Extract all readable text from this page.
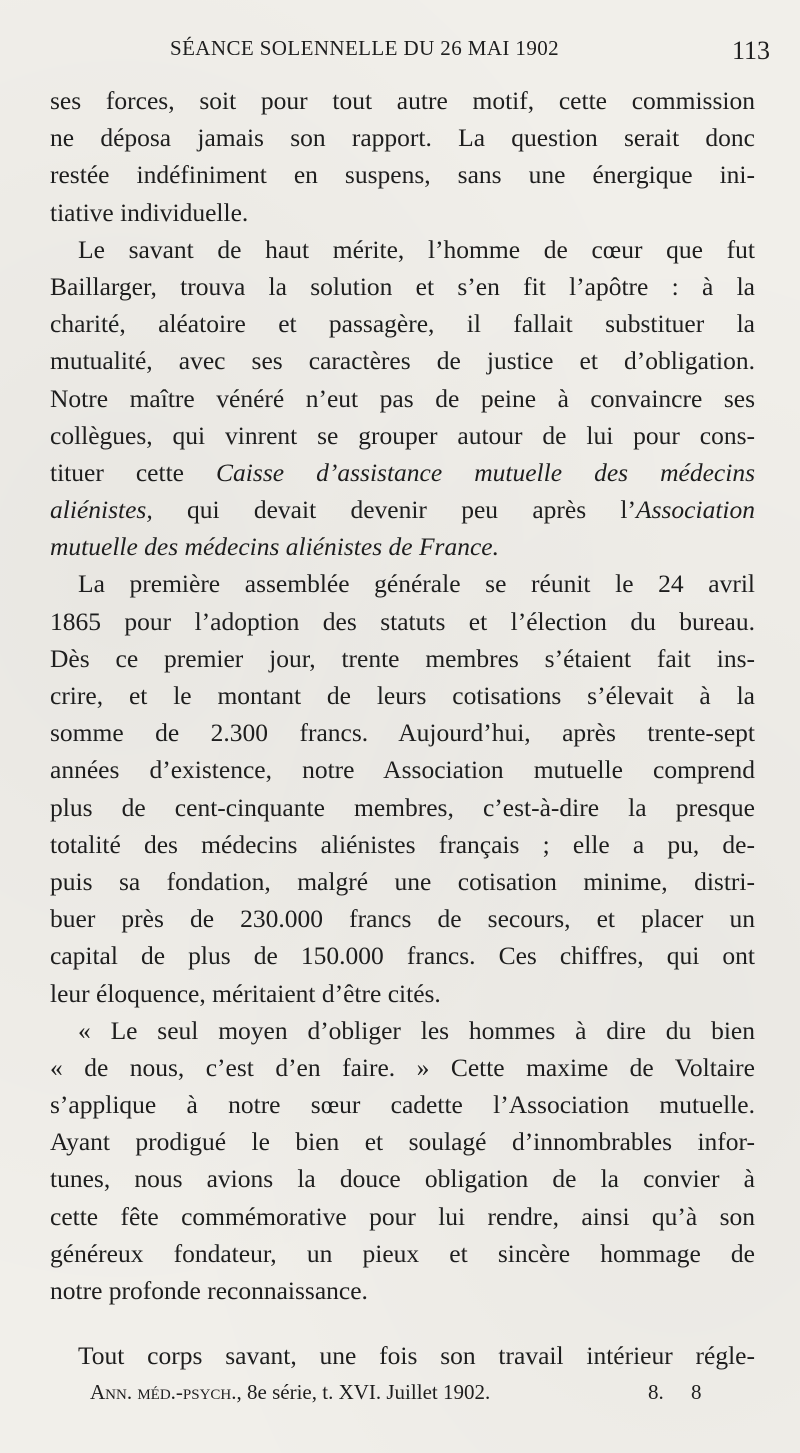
SÉANCE SOLENNELLE DU 26 MAI 1902	113
ses forces, soit pour tout autre motif, cette commission
ne déposa jamais son rapport. La question serait donc
restée indéfiniment en suspens, sans une énergique ini-
tiative individuelle.
Le savant de haut mérite, l’homme de cœur que fut
Baillarger, trouva la solution et s’en fit l’apôtre : à la
charité, aléatoire et passagère, il fallait substituer la
mutualité, avec ses caractères de justice et d’obligation.
Notre maître vénéré n’eut pas de peine à convaincre ses
collègues, qui vinrent se grouper autour de lui pour cons-
tituer cette Caisse d’assistance mutuelle des médecins
aliénistes, qui devait devenir peu après l’Association
mutuelle des médecins aliénistes de France.
La première assemblée générale se réunit le 24 avril
1865 pour l’adoption des statuts et l’élection du bureau.
Dès ce premier jour, trente membres s’étaient fait ins-
crire, et le montant de leurs cotisations s’élevait à la
somme de 2.300 francs. Aujourd’hui, après trente-sept
années d’existence, notre Association mutuelle comprend
plus de cent-cinquante membres, c’est-à-dire la presque
totalité des médecins aliénistes français ; elle a pu, de-
puis sa fondation, malgré une cotisation minime, distri-
buer près de 230.000 francs de secours, et placer un
capital de plus de 150.000 francs. Ces chiffres, qui ont
leur éloquence, méritaient d’être cités.
« Le seul moyen d’obliger les hommes à dire du bien
« de nous, c’est d’en faire. » Cette maxime de Voltaire
s’applique à notre sœur cadette l’Association mutuelle.
Ayant prodigué le bien et soulagé d’innombrables infor-
tunes, nous avions la douce obligation de la convier à
cette fête commémorative pour lui rendre, ainsi qu’à son
généreux fondateur, un pieux et sincère hommage de
notre profonde reconnaissance.
Tout corps savant, une fois son travail intérieur régle-
Ann. méd.-psych., 8e série, t. XVI. Juillet 1902.	8. 8
